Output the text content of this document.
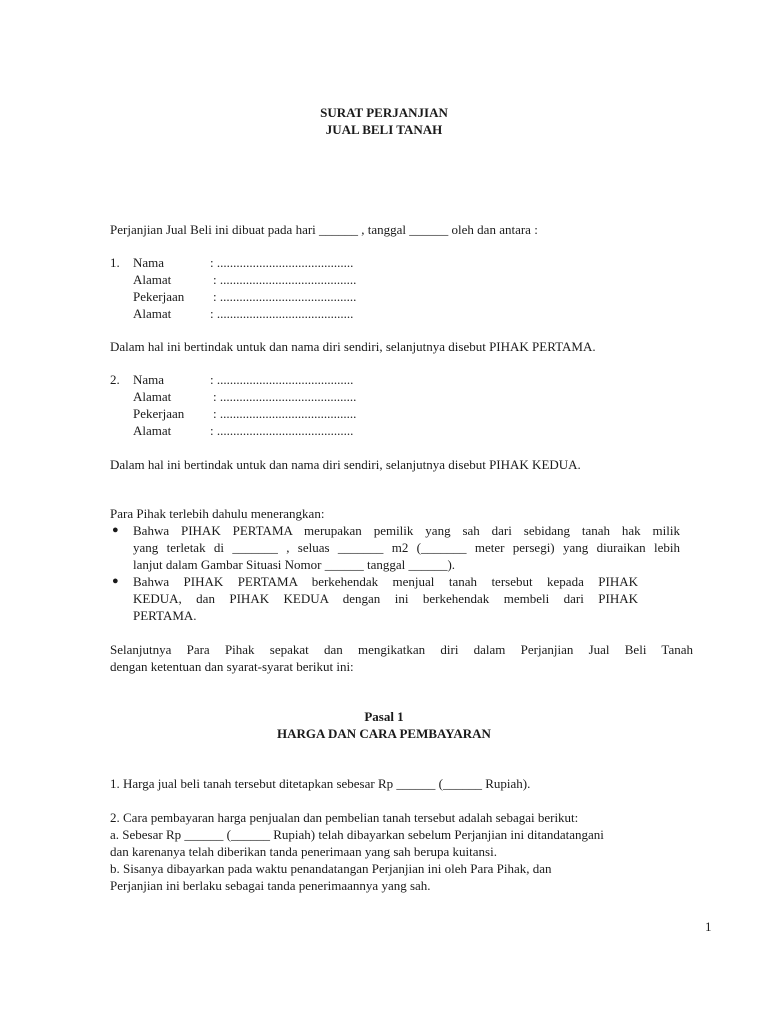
SURAT PERJANJIAN
JUAL BELI TANAH
Perjanjian Jual Beli ini dibuat pada hari ______ , tanggal ______ oleh dan antara :
1. Nama	: ..........................................
Alamat	: ..........................................
Pekerjaan : ..........................................
Alamat	: ..........................................
Dalam hal ini bertindak untuk dan nama diri sendiri, selanjutnya disebut PIHAK PERTAMA.
2. Nama	: ..........................................
Alamat	: ..........................................
Pekerjaan : ..........................................
Alamat	: ..........................................
Dalam hal ini bertindak untuk dan nama diri sendiri, selanjutnya disebut PIHAK KEDUA.
Para Pihak terlebih dahulu menerangkan:
● Bahwa PIHAK PERTAMA merupakan pemilik yang sah dari sebidang tanah hak milik
yang terletak di _______ , seluas _______ m2 (_______ meter persegi) yang diuraikan lebih
lanjut dalam Gambar Situasi Nomor ______ tanggal ______).
● Bahwa PIHAK PERTAMA berkehendak menjual tanah tersebut kepada PIHAK
KEDUA, dan PIHAK KEDUA dengan ini berkehendak membeli dari PIHAK
PERTAMA.
Selanjutnya Para Pihak sepakat dan mengikatkan diri dalam Perjanjian Jual Beli Tanah
dengan ketentuan dan syarat-syarat berikut ini:
Pasal 1
HARGA DAN CARA PEMBAYARAN
1. Harga jual beli tanah tersebut ditetapkan sebesar Rp ______ (______ Rupiah).
2. Cara pembayaran harga penjualan dan pembelian tanah tersebut adalah sebagai berikut:
a. Sebesar Rp ______ (______ Rupiah) telah dibayarkan sebelum Perjanjian ini ditandatangani
dan karenanya telah diberikan tanda penerimaan yang sah berupa kuitansi.
b. Sisanya dibayarkan pada waktu penandatangan Perjanjian ini oleh Para Pihak, dan
Perjanjian ini berlaku sebagai tanda penerimaannya yang sah.
1
